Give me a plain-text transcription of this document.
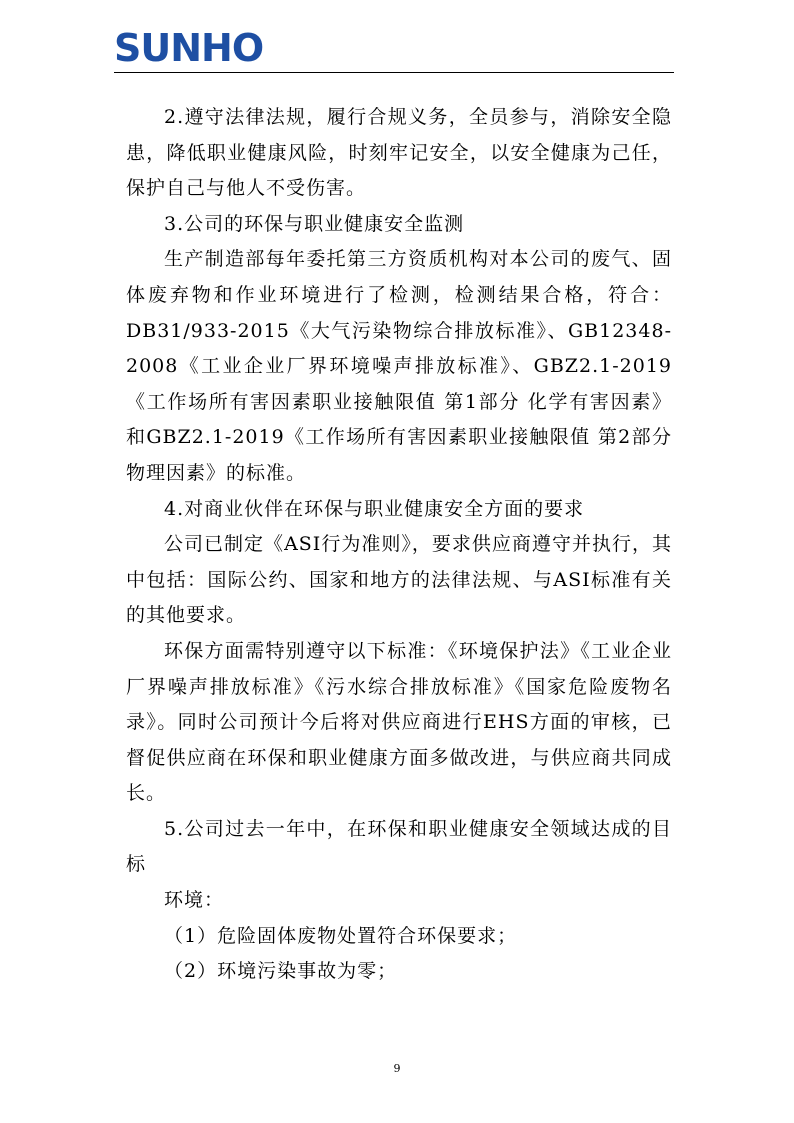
SUNHO

2.遵守法律法规，履行合规义务，全员参与，消除安全隐患，降低职业健康风险，时刻牢记安全，以安全健康为己任，保护自己与他人不受伤害。

3.公司的环保与职业健康安全监测

生产制造部每年委托第三方资质机构对本公司的废气、固体废弃物和作业环境进行了检测，检测结果合格，符合：DB31/933-2015《大气污染物综合排放标准》、GB12348-2008《工业企业厂界环境噪声排放标准》、GBZ2.1-2019《工作场所有害因素职业接触限值 第1部分 化学有害因素》和GBZ2.1-2019《工作场所有害因素职业接触限值 第2部分 物理因素》的标准。

4.对商业伙伴在环保与职业健康安全方面的要求

公司已制定《ASI行为准则》，要求供应商遵守并执行，其中包括：国际公约、国家和地方的法律法规、与ASI标准有关的其他要求。

环保方面需特别遵守以下标准：《环境保护法》《工业企业厂界噪声排放标准》《污水综合排放标准》《国家危险废物名录》。同时公司预计今后将对供应商进行EHS方面的审核，已督促供应商在环保和职业健康方面多做改进，与供应商共同成长。

5.公司过去一年中，在环保和职业健康安全领域达成的目标

环境：

（1）危险固体废物处置符合环保要求；

（2）环境污染事故为零；

9
